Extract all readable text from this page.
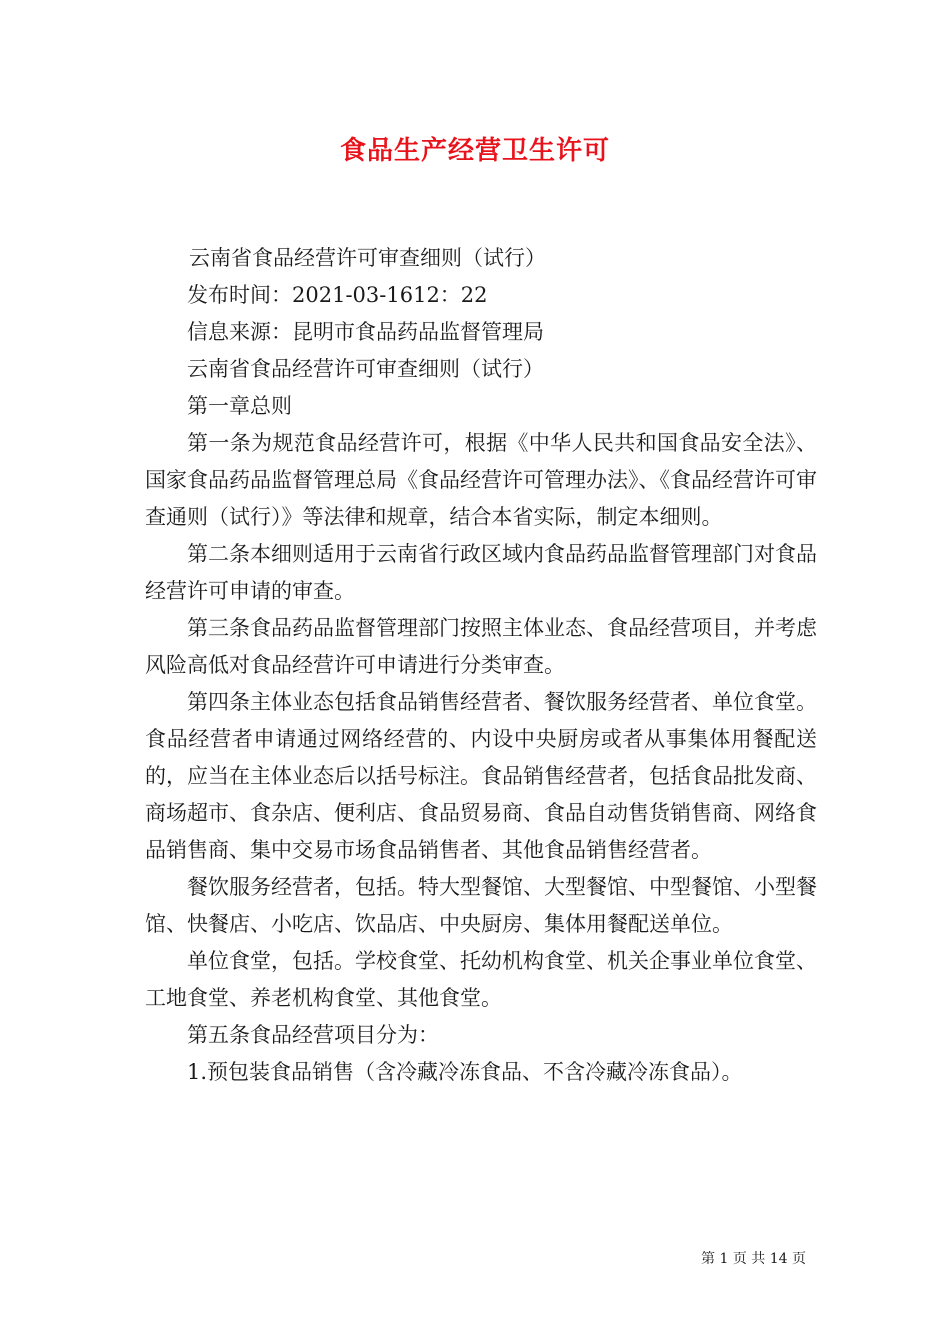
食品生产经营卫生许可

云南省食品经营许可审查细则（试行）

发布时间：2021-03-1612：22

信息来源：昆明市食品药品监督管理局

云南省食品经营许可审查细则（试行）

第一章总则

第一条为规范食品经营许可，根据《中华人民共和国食品安全法》、国家食品药品监督管理总局《食品经营许可管理办法》、《食品经营许可审查通则（试行）》等法律和规章，结合本省实际，制定本细则。

第二条本细则适用于云南省行政区域内食品药品监督管理部门对食品经营许可申请的审查。

第三条食品药品监督管理部门按照主体业态、食品经营项目，并考虑风险高低对食品经营许可申请进行分类审查。

第四条主体业态包括食品销售经营者、餐饮服务经营者、单位食堂。食品经营者申请通过网络经营的、内设中央厨房或者从事集体用餐配送的，应当在主体业态后以括号标注。食品销售经营者，包括食品批发商、商场超市、食杂店、便利店、食品贸易商、食品自动售货销售商、网络食品销售商、集中交易市场食品销售者、其他食品销售经营者。

餐饮服务经营者，包括。特大型餐馆、大型餐馆、中型餐馆、小型餐馆、快餐店、小吃店、饮品店、中央厨房、集体用餐配送单位。

单位食堂，包括。学校食堂、托幼机构食堂、机关企事业单位食堂、工地食堂、养老机构食堂、其他食堂。

第五条食品经营项目分为：

1.预包装食品销售（含冷藏冷冻食品、不含冷藏冷冻食品）。

第 1 页 共 14 页
